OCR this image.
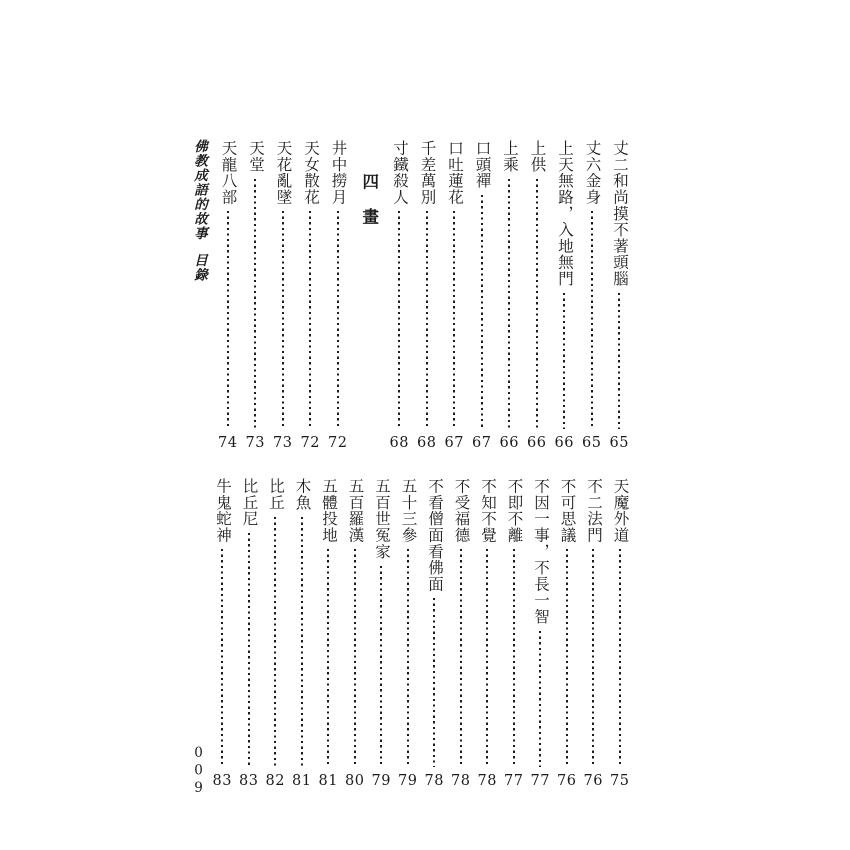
佛教成語的故事
目錄	丈二和尚摸不著頭腦
65
丈六金身
65
上天無路，入地無門
66
上供
66
上乘
66
口頭禪
67
口吐蓮花
67
千差萬別
68
寸鐵殺人
68
四　畫
井中撈月
72
天女散花
72
天花亂墜
73
天堂
73
天龍八部
74
天魔外道
75
不二法門
76
不可思議
76
不因一事，不長一智
77
不即不離
77
不知不覺
78
不受福德
78
不看僧面看佛面
78
五十三參
79
五百世冤家
79
五百羅漢
80
五體投地
81
木魚
81
比丘
82
比丘尼
83
牛鬼蛇神
83
009
